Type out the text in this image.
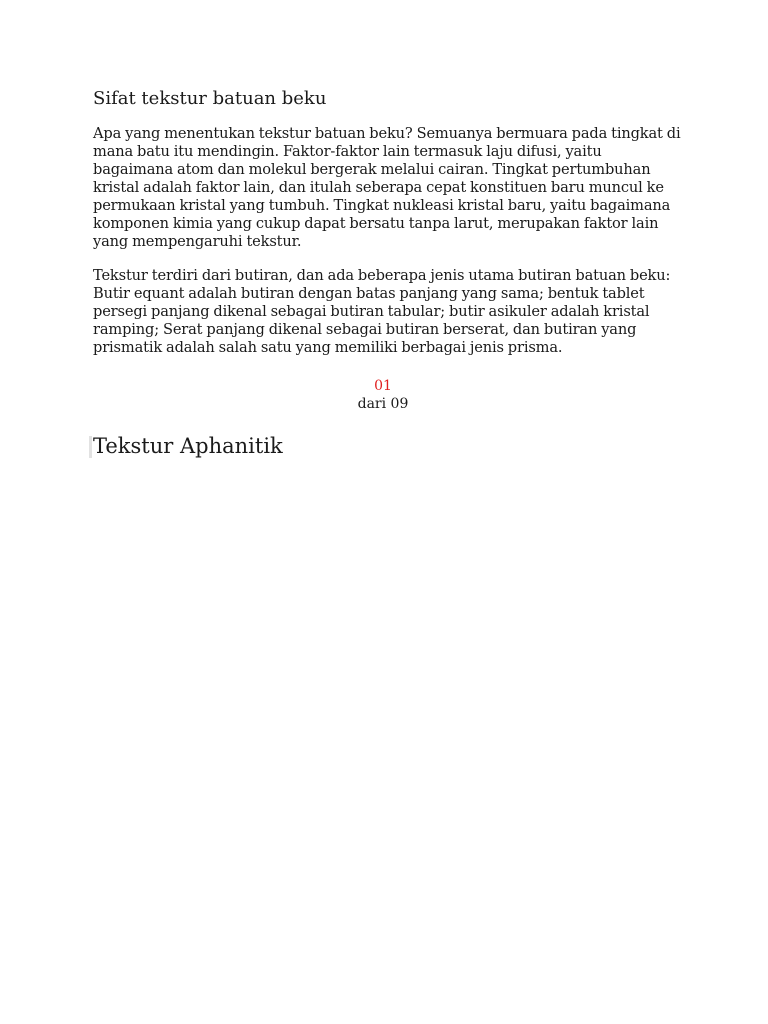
Sifat tekstur batuan beku

Apa yang menentukan tekstur batuan beku? Semuanya bermuara pada tingkat di mana batu itu mendingin. Faktor-faktor lain termasuk laju difusi, yaitu bagaimana atom dan molekul bergerak melalui cairan. Tingkat pertumbuhan kristal adalah faktor lain, dan itulah seberapa cepat konstituen baru muncul ke permukaan kristal yang tumbuh. Tingkat nukleasi kristal baru, yaitu bagaimana komponen kimia yang cukup dapat bersatu tanpa larut, merupakan faktor lain yang mempengaruhi tekstur.

Tekstur terdiri dari butiran, dan ada beberapa jenis utama butiran batuan beku: Butir equant adalah butiran dengan batas panjang yang sama; bentuk tablet persegi panjang dikenal sebagai butiran tabular; butir asikuler adalah kristal ramping; Serat panjang dikenal sebagai butiran berserat, dan butiran yang prismatik adalah salah satu yang memiliki berbagai jenis prisma.

01
dari 09
Tekstur Aphanitik
